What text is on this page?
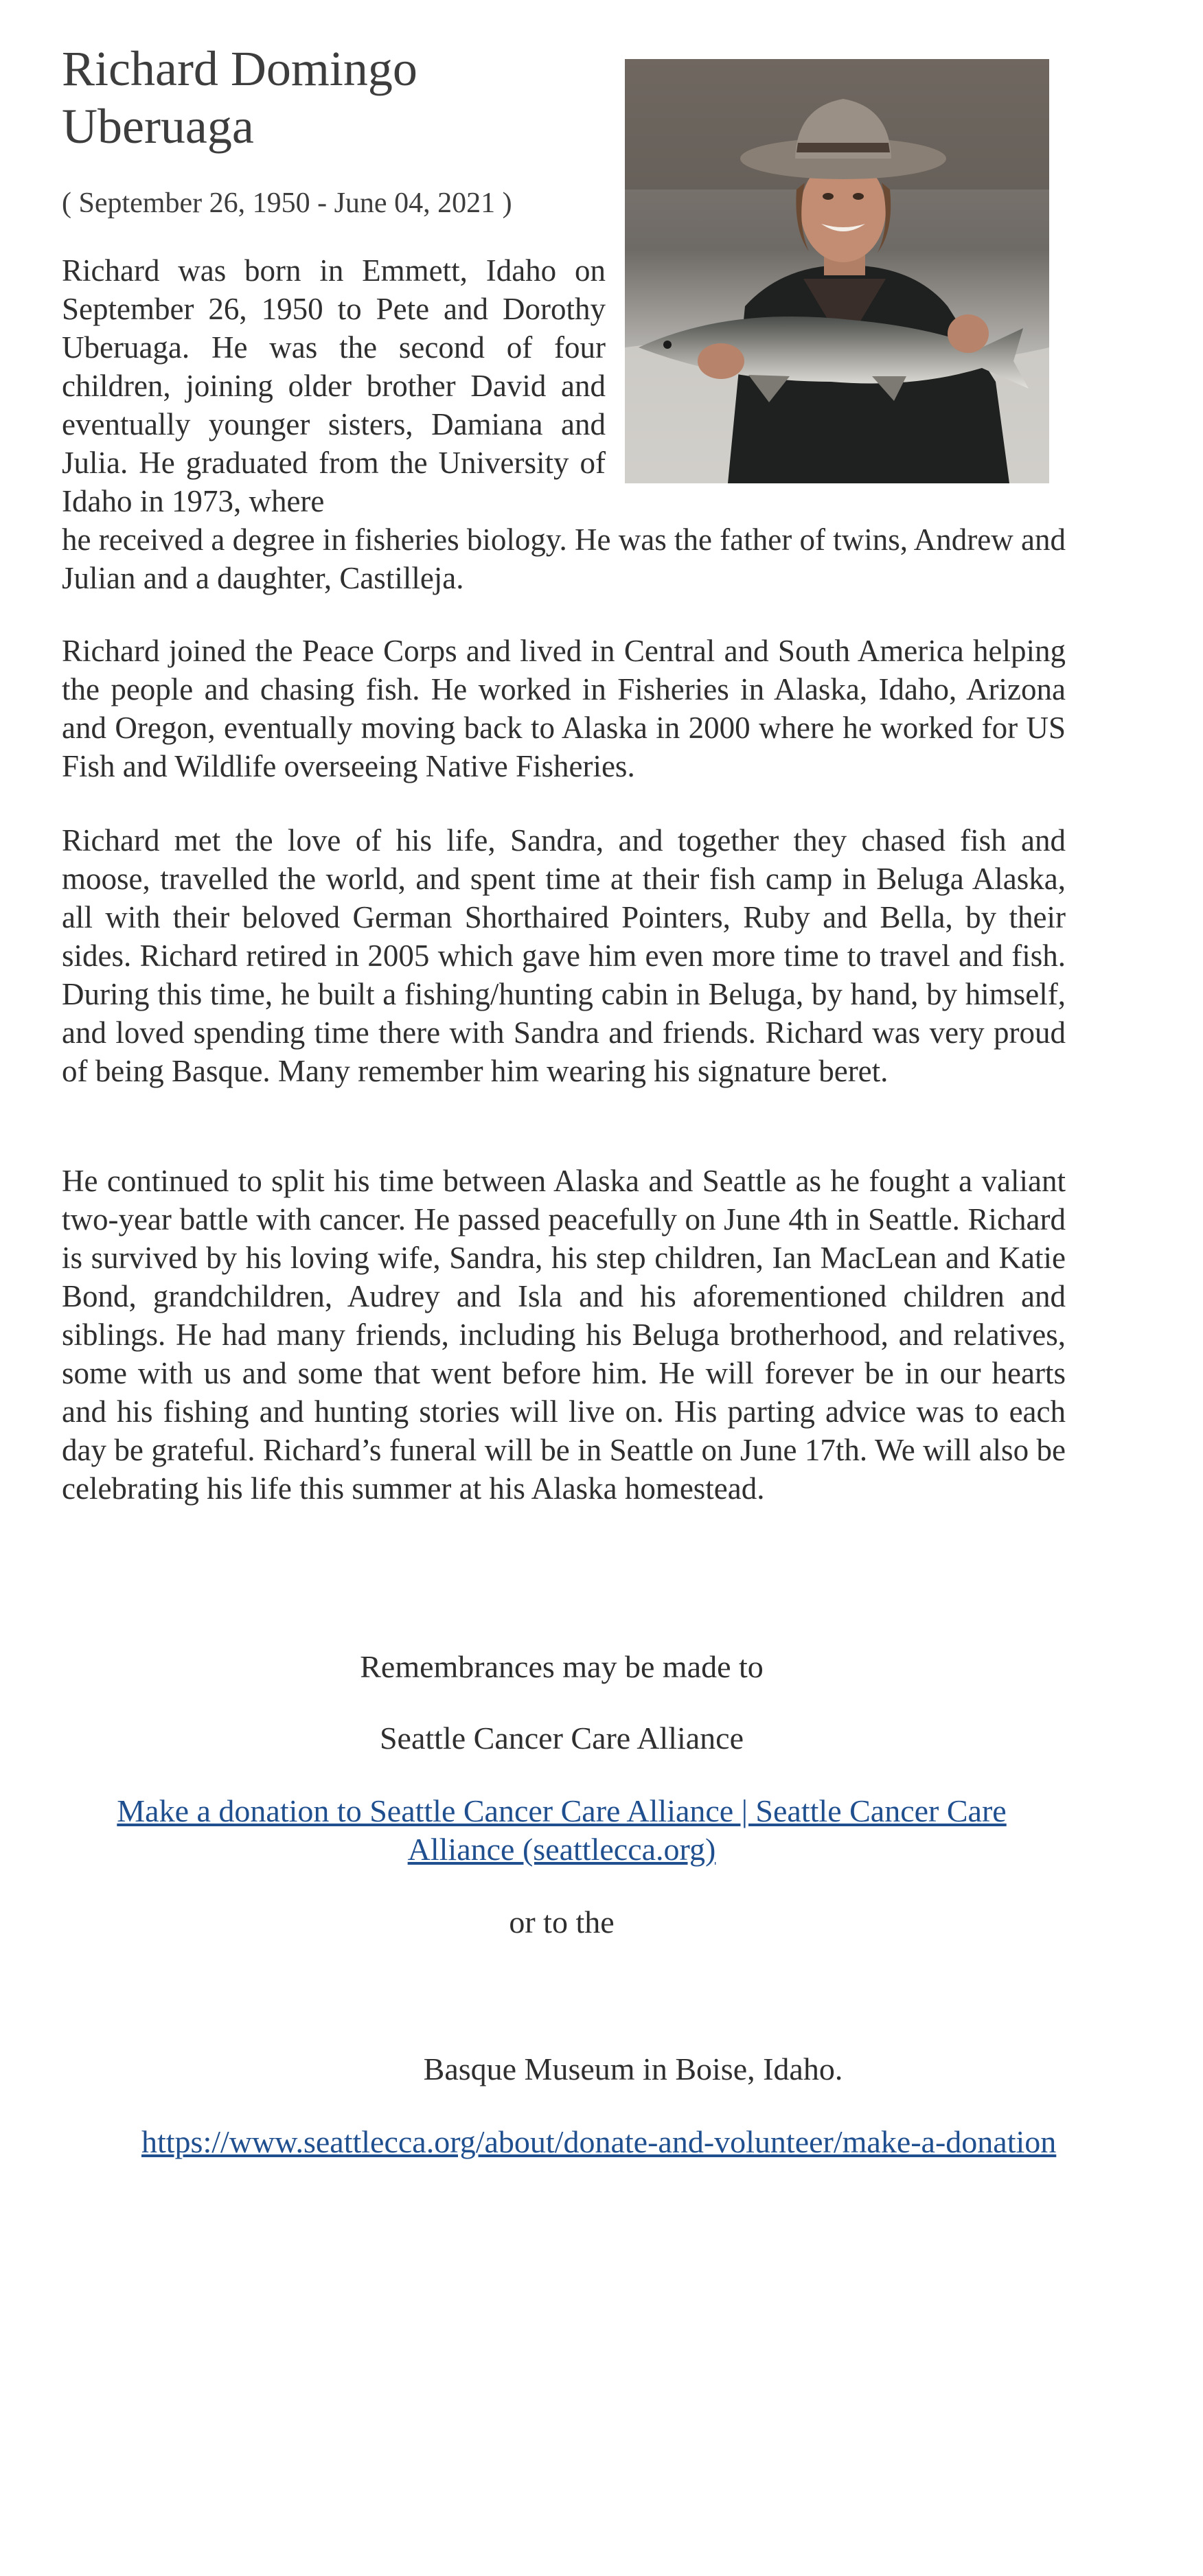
Richard Domingo
Uberuaga
( September 26, 1950 - June 04, 2021 )
Richard was born in Emmett, Idaho on September 26, 1950 to Pete and Dorothy Uberuaga. He was the second of four children, joining older brother David and eventually younger sisters, Damiana and Julia. He graduated from the University of Idaho in 1973, where
he received a degree in fisheries biology. He was the father of twins, Andrew and Julian and a daughter, Castilleja.
Richard joined the Peace Corps and lived in Central and South America helping the people and chasing fish. He worked in Fisheries in Alaska, Idaho, Arizona and Oregon, eventually moving back to Alaska in 2000 where he worked for US Fish and Wildlife overseeing Native Fisheries.
Richard met the love of his life, Sandra, and together they chased fish and moose, travelled the world, and spent time at their fish camp in Beluga Alaska, all with their beloved German Shorthaired Pointers, Ruby and Bella, by their sides. Richard retired in 2005 which gave him even more time to travel and fish. During this time, he built a fishing/hunting cabin in Beluga, by hand, by himself, and loved spending time there with Sandra and friends. Richard was very proud of being Basque. Many remember him wearing his signature beret.
He continued to split his time between Alaska and Seattle as he fought a valiant two-year battle with cancer. He passed peacefully on June 4th in Seattle. Richard is survived by his loving wife, Sandra, his step children, Ian MacLean and Katie Bond, grandchildren, Audrey and Isla and his aforementioned children and siblings. He had many friends, including his Beluga brotherhood, and relatives, some with us and some that went before him. He will forever be in our hearts and his fishing and hunting stories will live on. His parting advice was to each day be grateful. Richard’s funeral will be in Seattle on June 17th. We will also be celebrating his life this summer at his Alaska homestead.
Remembrances may be made to
Seattle Cancer Care Alliance
Make a donation to Seattle Cancer Care Alliance | Seattle Cancer Care Alliance (seattlecca.org)
or to the
Basque Museum in Boise, Idaho.
https://www.seattlecca.org/about/donate-and-volunteer/make-a-donation
